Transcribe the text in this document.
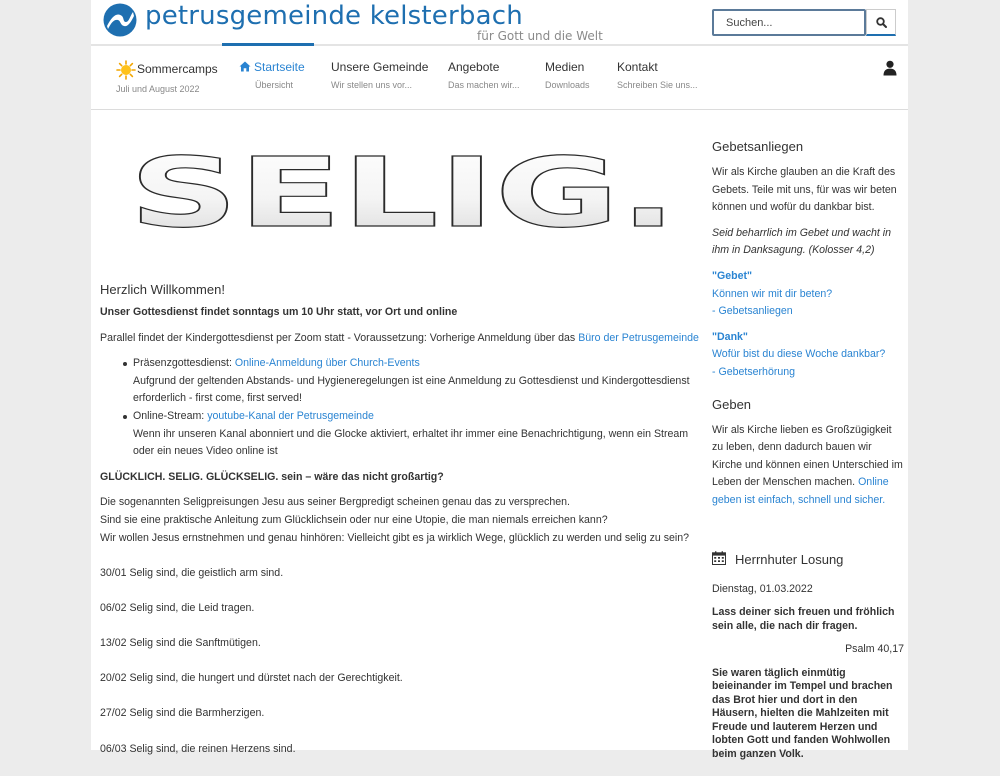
petrusgemeinde kelsterbach
für Gott und die Welt
Suchen...
Sommercamps
Juli und August 2022
Startseite
Übersicht
Unsere Gemeinde
Wir stellen uns vor...
Angebote
Das machen wir...
Medien
Downloads
Kontakt
Schreiben Sie uns...
SELIG.
Herzlich Willkommen!

Unser Gottesdienst findet sonntags um 10 Uhr statt, vor Ort und online

Parallel findet der Kindergottesdienst per Zoom statt - Voraussetzung: Vorherige Anmeldung über das Büro der Petrusgemeinde

Präsenzgottesdienst: Online-Anmeldung über Church-Events
Aufgrund der geltenden Abstands- und Hygieneregelungen ist eine Anmeldung zu Gottesdienst und Kindergottesdienst erforderlich - first come, first served!
Online-Stream: youtube-Kanal der Petrusgemeinde
Wenn ihr unseren Kanal abonniert und die Glocke aktiviert, erhaltet ihr immer eine Benachrichtigung, wenn ein Stream oder ein neues Video online ist

GLÜCKLICH. SELIG. GLÜCKSELIG. sein – wäre das nicht großartig?

Die sogenannten Seligpreisungen Jesu aus seiner Bergpredigt scheinen genau das zu versprechen.
Sind sie eine praktische Anleitung zum Glücklichsein oder nur eine Utopie, die man niemals erreichen kann?
Wir wollen Jesus ernstnehmen und genau hinhören: Vielleicht gibt es ja wirklich Wege, glücklich zu werden und selig zu sein?

30/01 Selig sind, die geistlich arm sind.

06/02 Selig sind, die Leid tragen.

13/02 Selig sind die Sanftmütigen.

20/02 Selig sind, die hungert und dürstet nach der Gerechtigkeit.

27/02 Selig sind die Barmherzigen.

06/03 Selig sind, die reinen Herzens sind.

Gebetsanliegen

Wir als Kirche glauben an die Kraft des Gebets. Teile mit uns, für was wir beten können und wofür du dankbar bist.

Seid beharrlich im Gebet und wacht in ihm in Danksagung. (Kolosser 4,2)

"Gebet"
Können wir mit dir beten?
- Gebetsanliegen
"Dank"
Wofür bist du diese Woche dankbar?
- Gebetserhörung
Geben

Wir als Kirche lieben es Großzügigkeit zu leben, denn dadurch bauen wir Kirche und können einen Unterschied im Leben der Menschen machen. Online geben ist einfach, schnell und sicher.

Herrnhuter Losung

Dienstag, 01.03.2022

Lass deiner sich freuen und fröhlich sein alle, die nach dir fragen.

Psalm 40,17

Sie waren täglich einmütig beieinander im Tempel und brachen das Brot hier und dort in den Häusern, hielten die Mahlzeiten mit Freude und lauterem Herzen und lobten Gott und fanden Wohlwollen beim ganzen Volk.
